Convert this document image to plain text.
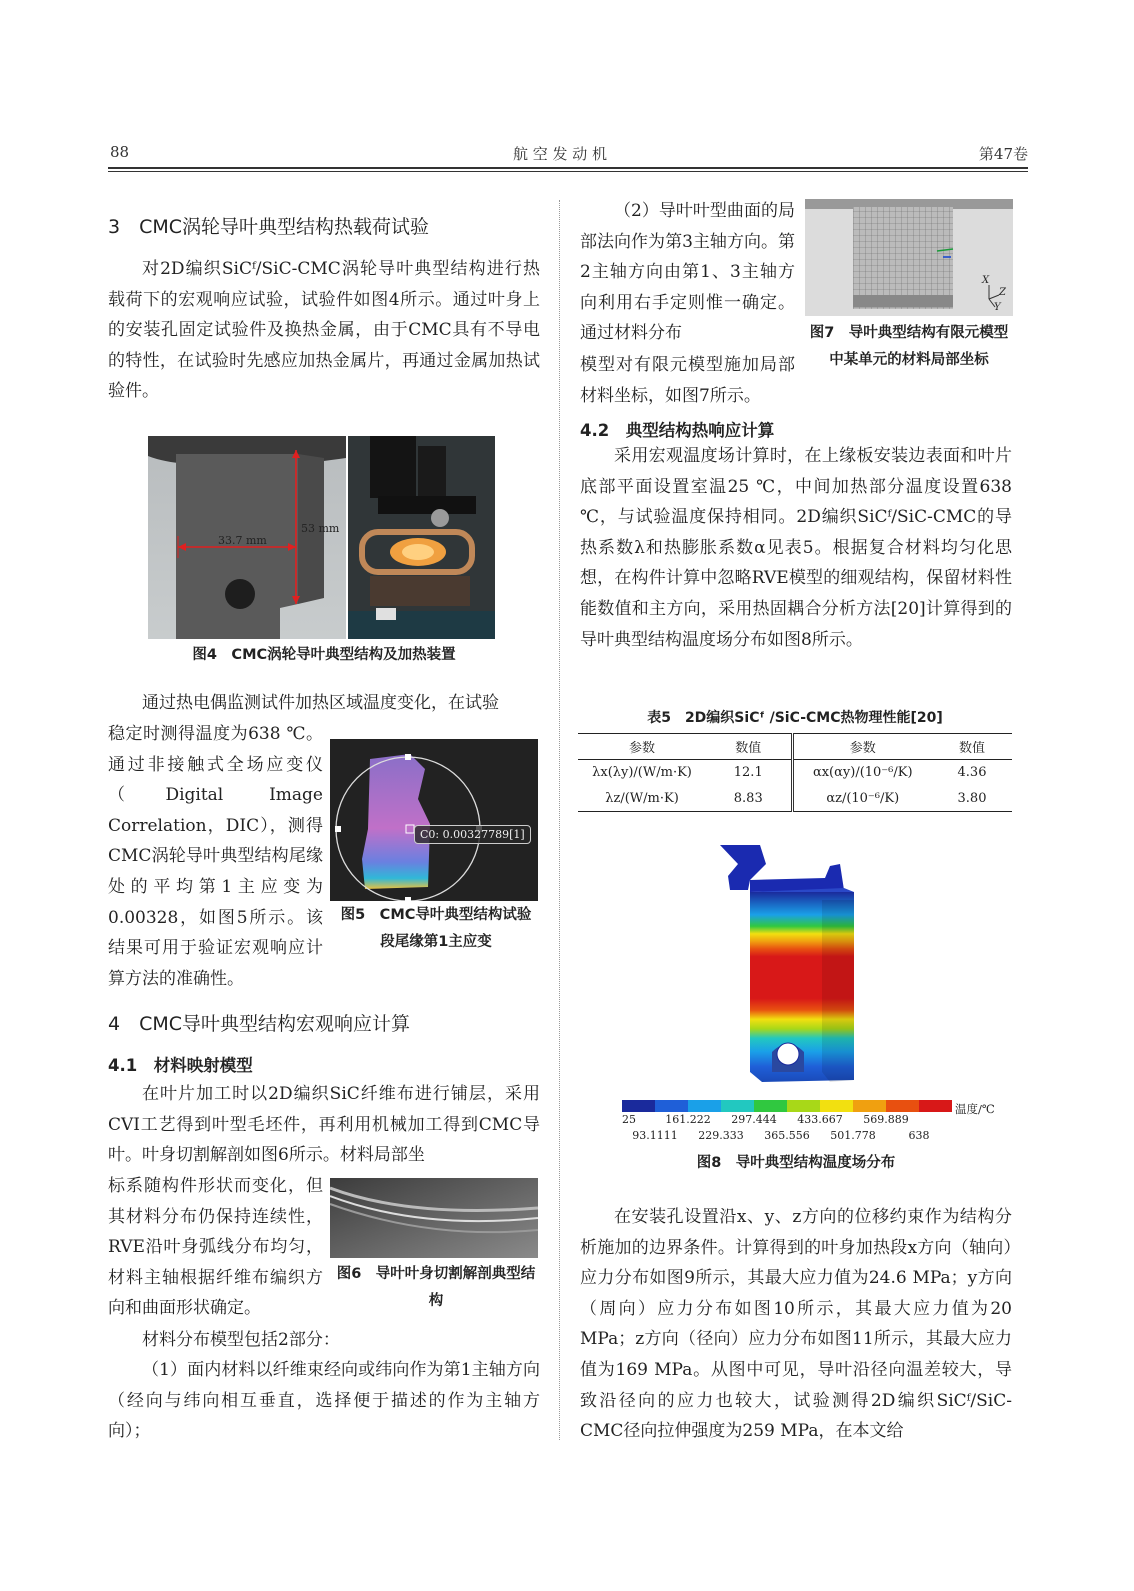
88	航 空 发 动 机	第47卷
3　CMC涡轮导叶典型结构热载荷试验
对2D编织SiCᶠ/SiC-CMC涡轮导叶典型结构进行热载荷下的宏观响应试验，试验件如图4所示。通过叶身上的安装孔固定试验件及换热金属，由于CMC具有不导电的特性，在试验时先感应加热金属片，再通过金属加热试验件。
33.7 mm
53 mm
图4　CMC涡轮导叶典型结构及加热装置
通过热电偶监测试件加热区域温度变化，在试验
稳定时测得温度为638 ℃。通过非接触式全场应变仪（Digital Image Correlation，DIC），测得CMC涡轮导叶典型结构尾缘处的平均第1主应变为0.00328，如图5所示。该结果可用于验证宏观响应计算方法的准确性。
C0: 0.00327789[1]
图5　CMC导叶典型结构试验段尾缘第1主应变
4　CMC导叶典型结构宏观响应计算
4.1　材料映射模型
在叶片加工时以2D编织SiC纤维布进行铺层，采用CVI工艺得到叶型毛坯件，再利用机械加工得到CMC导叶。叶身切割解剖如图6所示。材料局部坐
标系随构件形状而变化，但其材料分布仍保持连续性，RVE沿叶身弧线分布均匀，材料主轴根据纤维布编织方向和曲面形状确定。
图6　导叶叶身切割解剖典型结构
材料分布模型包括2部分：
（1）面内材料以纤维束经向或纬向作为第1主轴方向（经向与纬向相互垂直，选择便于描述的作为主轴方向）；
（2）导叶叶型曲面的局部法向作为第3主轴方向。第2主轴方向由第1、3主轴方向利用右手定则惟一确定。通过材料分布
X
Z
Y
图7　导叶典型结构有限元模型中某单元的材料局部坐标
模型对有限元模型施加局部材料坐标，如图7所示。
4.2　典型结构热响应计算
采用宏观温度场计算时，在上缘板安装边表面和叶片底部平面设置室温25 ℃，中间加热部分温度设置638 ℃，与试验温度保持相同。2D编织SiCᶠ/SiC-CMC的导热系数λ和热膨胀系数α见表5。根据复合材料均匀化思想，在构件计算中忽略RVE模型的细观结构，保留材料性能数值和主方向，采用热固耦合分析方法[20]计算得到的导叶典型结构温度场分布如图8所示。
表5　2D编织SiCᶠ /SiC-CMC热物理性能[20]
参数	数值	参数	数值
λx(λy)/(W/m·K)	12.1	αx(αy)/(10⁻⁶/K)	4.36
λz/(W/m·K)	8.83	αz/(10⁻⁶/K)	3.80
温度/℃
25	161.222 297.444 433.667 569.889
93.1111 229.333 365.556 501.778	638
图8　导叶典型结构温度场分布
在安装孔设置沿x、y、z方向的位移约束作为结构分析施加的边界条件。计算得到的叶身加热段x方向（轴向）应力分布如图9所示，其最大应力值为24.6 MPa；y方向（周向）应力分布如图10所示，其最大应力值为20 MPa；z方向（径向）应力分布如图11所示，其最大应力值为169 MPa。从图中可见，导叶沿径向温差较大，导致沿径向的应力也较大，试验测得2D编织SiCᶠ/SiC-CMC径向拉伸强度为259 MPa，在本文给
